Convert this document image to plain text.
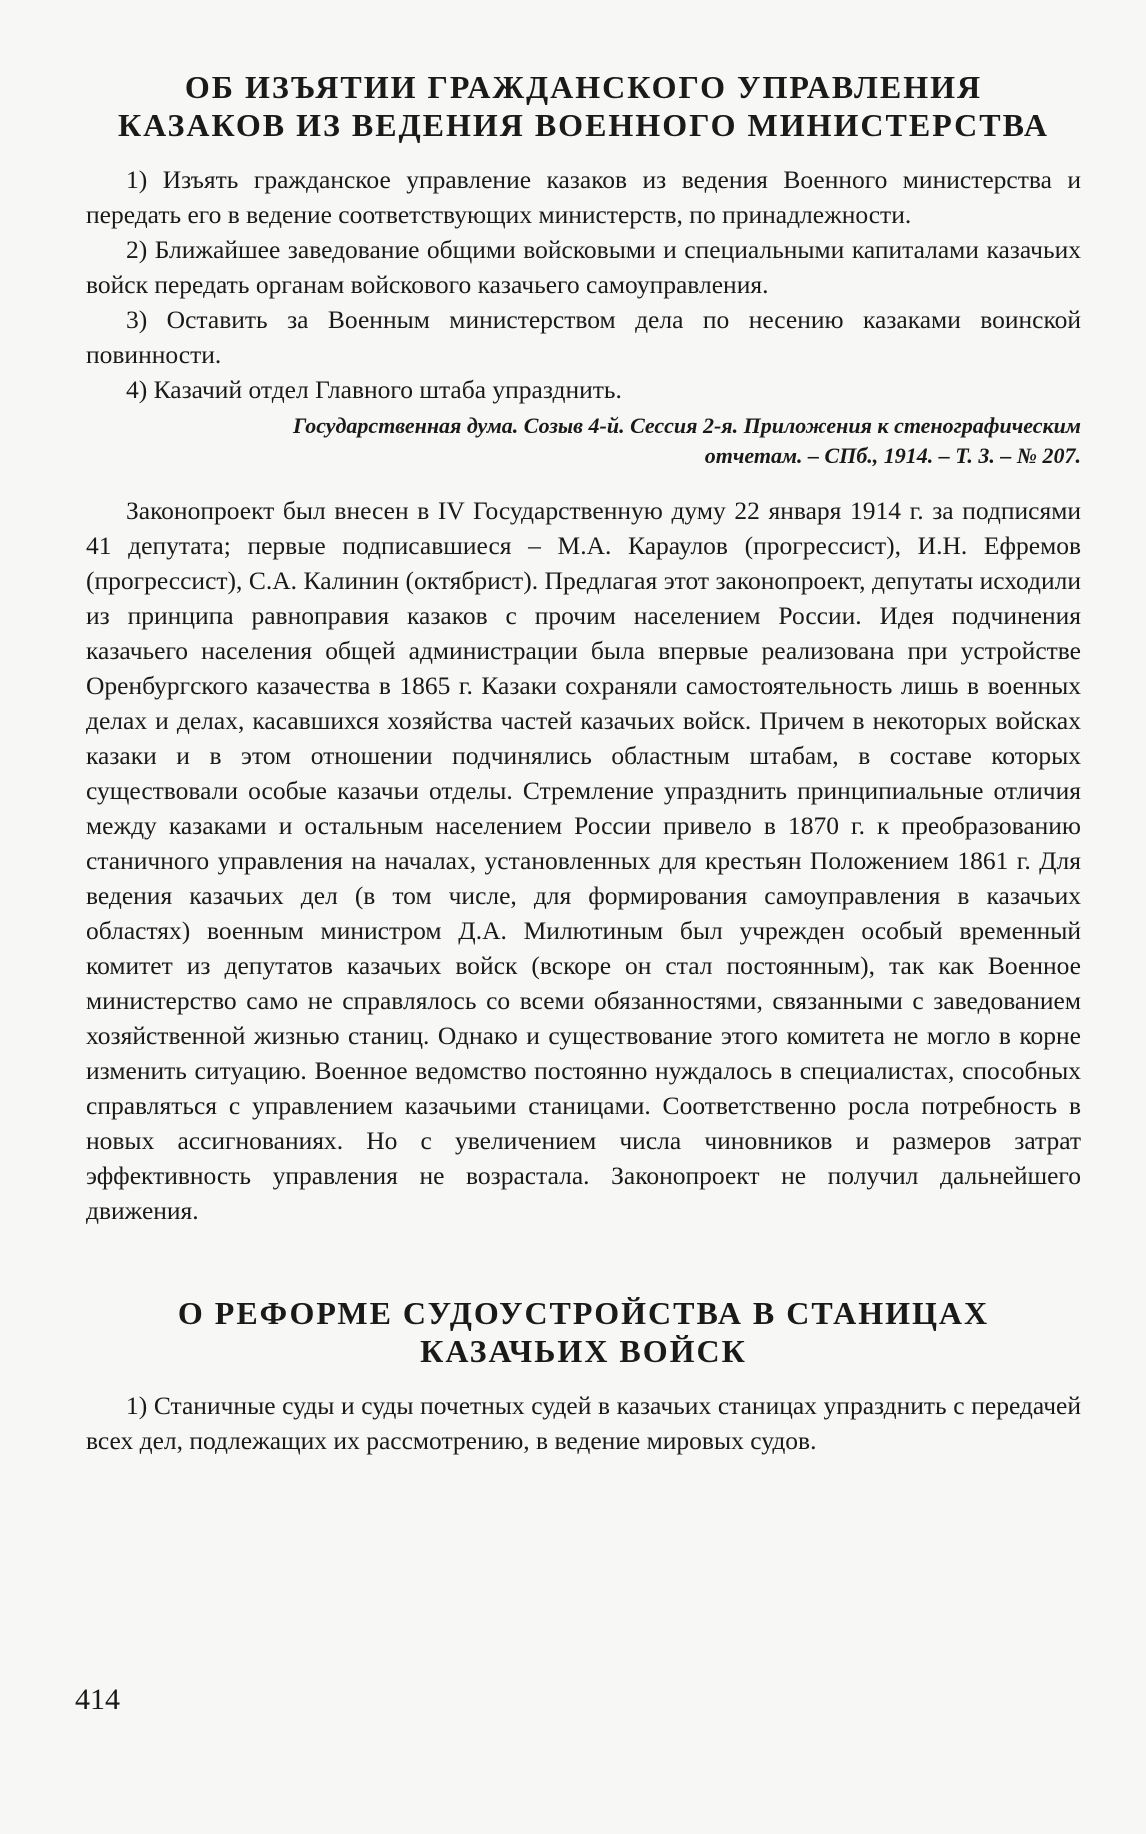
ОБ ИЗЪЯТИИ ГРАЖДАНСКОГО УПРАВЛЕНИЯ
КАЗАКОВ ИЗ ВЕДЕНИЯ ВОЕННОГО МИНИСТЕРСТВА

1) Изъять гражданское управление казаков из ведения Военного министерства и передать его в ведение соответствующих министерств, по принадлежности.

2) Ближайшее заведование общими войсковыми и специальными капиталами казачьих войск передать органам войскового казачьего самоуправления.

3) Оставить за Военным министерством дела по несению казаками воинской повинности.

4) Казачий отдел Главного штаба упразднить.

Государственная дума. Созыв 4-й. Сессия 2-я. Приложения к стенографическим
отчетам. – СПб., 1914. – Т. 3. – № 207.

Законопроект был внесен в IV Государственную думу 22 января 1914 г. за подписями 41 депутата; первые подписавшиеся – М.А. Караулов (прогрессист), И.Н. Ефремов (прогрессист), С.А. Калинин (октябрист). Предлагая этот законопроект, депутаты исходили из принципа равноправия казаков с прочим населением России. Идея подчинения казачьего населения общей администрации была впервые реализована при устройстве Оренбургского казачества в 1865 г. Казаки сохраняли самостоятельность лишь в военных делах и делах, касавшихся хозяйства частей казачьих войск. Причем в некоторых войсках казаки и в этом отношении подчинялись областным штабам, в составе которых существовали особые казачьи отделы. Стремление упразднить принципиальные отличия между казаками и остальным населением России привело в 1870 г. к преобразованию станичного управления на началах, установленных для крестьян Положением 1861 г. Для ведения казачьих дел (в том числе, для формирования самоуправления в казачьих областях) военным министром Д.А. Милютиным был учрежден особый временный комитет из депутатов казачьих войск (вскоре он стал постоянным), так как Военное министерство само не справлялось со всеми обязанностями, связанными с заведованием хозяйственной жизнью станиц. Однако и существование этого комитета не могло в корне изменить ситуацию. Военное ведомство постоянно нуждалось в специалистах, способных справляться с управлением казачьими станицами. Соответственно росла потребность в новых ассигнованиях. Но с увеличением числа чиновников и размеров затрат эффективность управления не возрастала. Законопроект не получил дальнейшего движения.

О РЕФОРМЕ СУДОУСТРОЙСТВА В СТАНИЦАХ
КАЗАЧЬИХ ВОЙСК

1) Станичные суды и суды почетных судей в казачьих станицах упразднить с передачей всех дел, подлежащих их рассмотрению, в ведение мировых судов.

414
